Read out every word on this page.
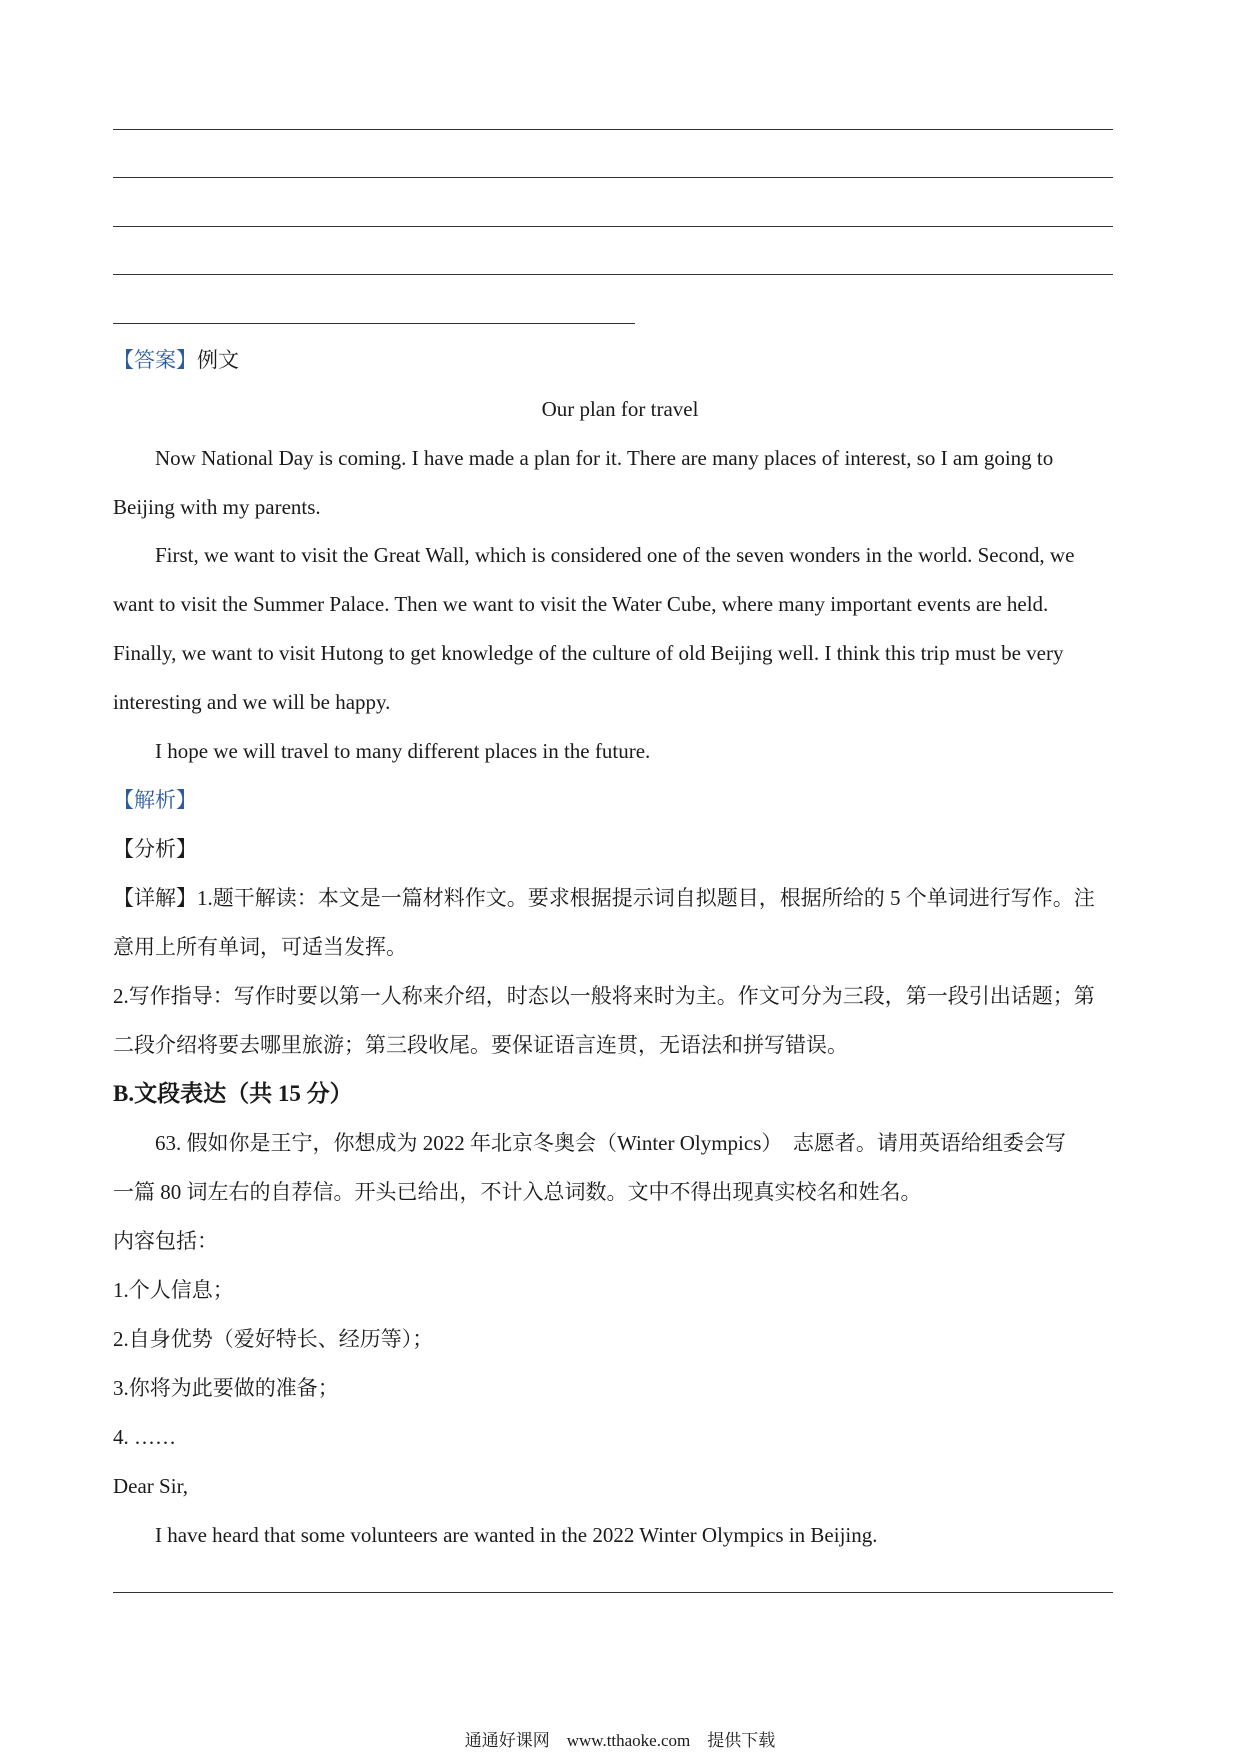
【答案】例文
Our plan for travel
Now National Day is coming. I have made a plan for it. There are many places of interest, so I am going to
Beijing with my parents.
First, we want to visit the Great Wall, which is considered one of the seven wonders in the world. Second, we
want to visit the Summer Palace. Then we want to visit the Water Cube, where many important events are held.
Finally, we want to visit Hutong to get knowledge of the culture of old Beijing well. I think this trip must be very
interesting and we will be happy.
I hope we will travel to many different places in the future.
【解析】
【分析】
【详解】1.题干解读：本文是一篇材料作文。要求根据提示词自拟题目，根据所给的 5 个单词进行写作。注
意用上所有单词，可适当发挥。
2.写作指导：写作时要以第一人称来介绍，时态以一般将来时为主。作文可分为三段，第一段引出话题；第
二段介绍将要去哪里旅游；第三段收尾。要保证语言连贯，无语法和拼写错误。
B.文段表达（共 15 分）
63. 假如你是王宁，你想成为 2022 年北京冬奥会（Winter Olympics）　志愿者。请用英语给组委会写
一篇 80 词左右的自荐信。开头已给出，不计入总词数。文中不得出现真实校名和姓名。
内容包括：
1.个人信息；
2.自身优势（爱好特长、经历等）；
3.你将为此要做的准备；
4. ……
Dear Sir,
I have heard that some volunteers are wanted in the 2022 Winter Olympics in Beijing.
通通好课网　www.tthaoke.com　提供下载
